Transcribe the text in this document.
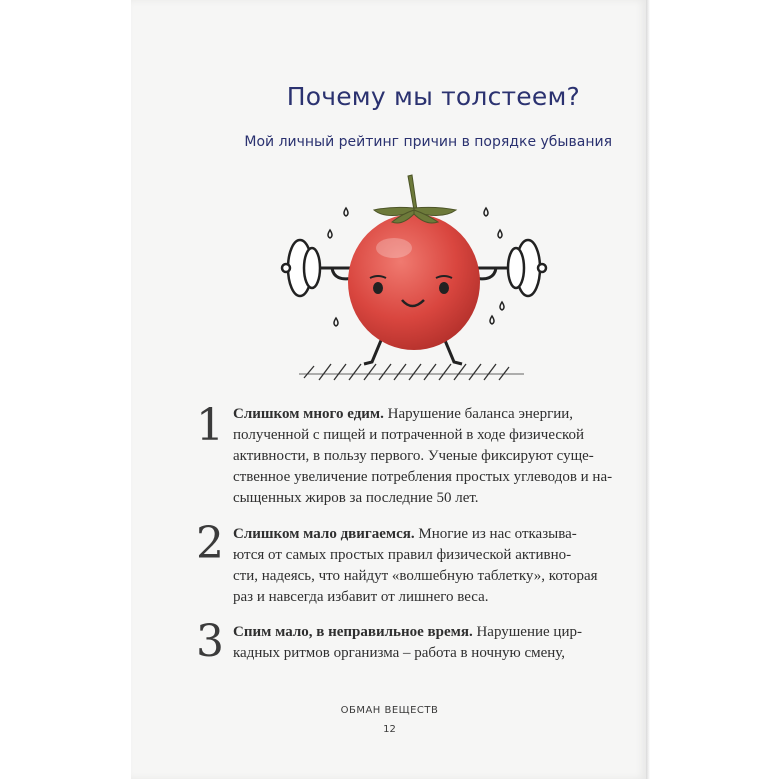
Почему мы толстеем?
Мой личный рейтинг причин в порядке убывания
1 Слишком много едим. Нарушение баланса энергии,
полученной с пищей и потраченной в ходе физической
активности, в пользу первого. Ученые фиксируют суще-
ственное увеличение потребления простых углеводов и на-
сыщенных жиров за последние 50 лет.
2 Слишком мало двигаемся. Многие из нас отказыва-
ются от самых простых правил физической активно-
сти, надеясь, что найдут «волшебную таблетку», которая
раз и навсегда избавит от лишнего веса.
3 Спим мало, в неправильное время. Нарушение цир-
кадных ритмов организма – работа в ночную смену,
ОБМАН ВЕЩЕСТВ
12
